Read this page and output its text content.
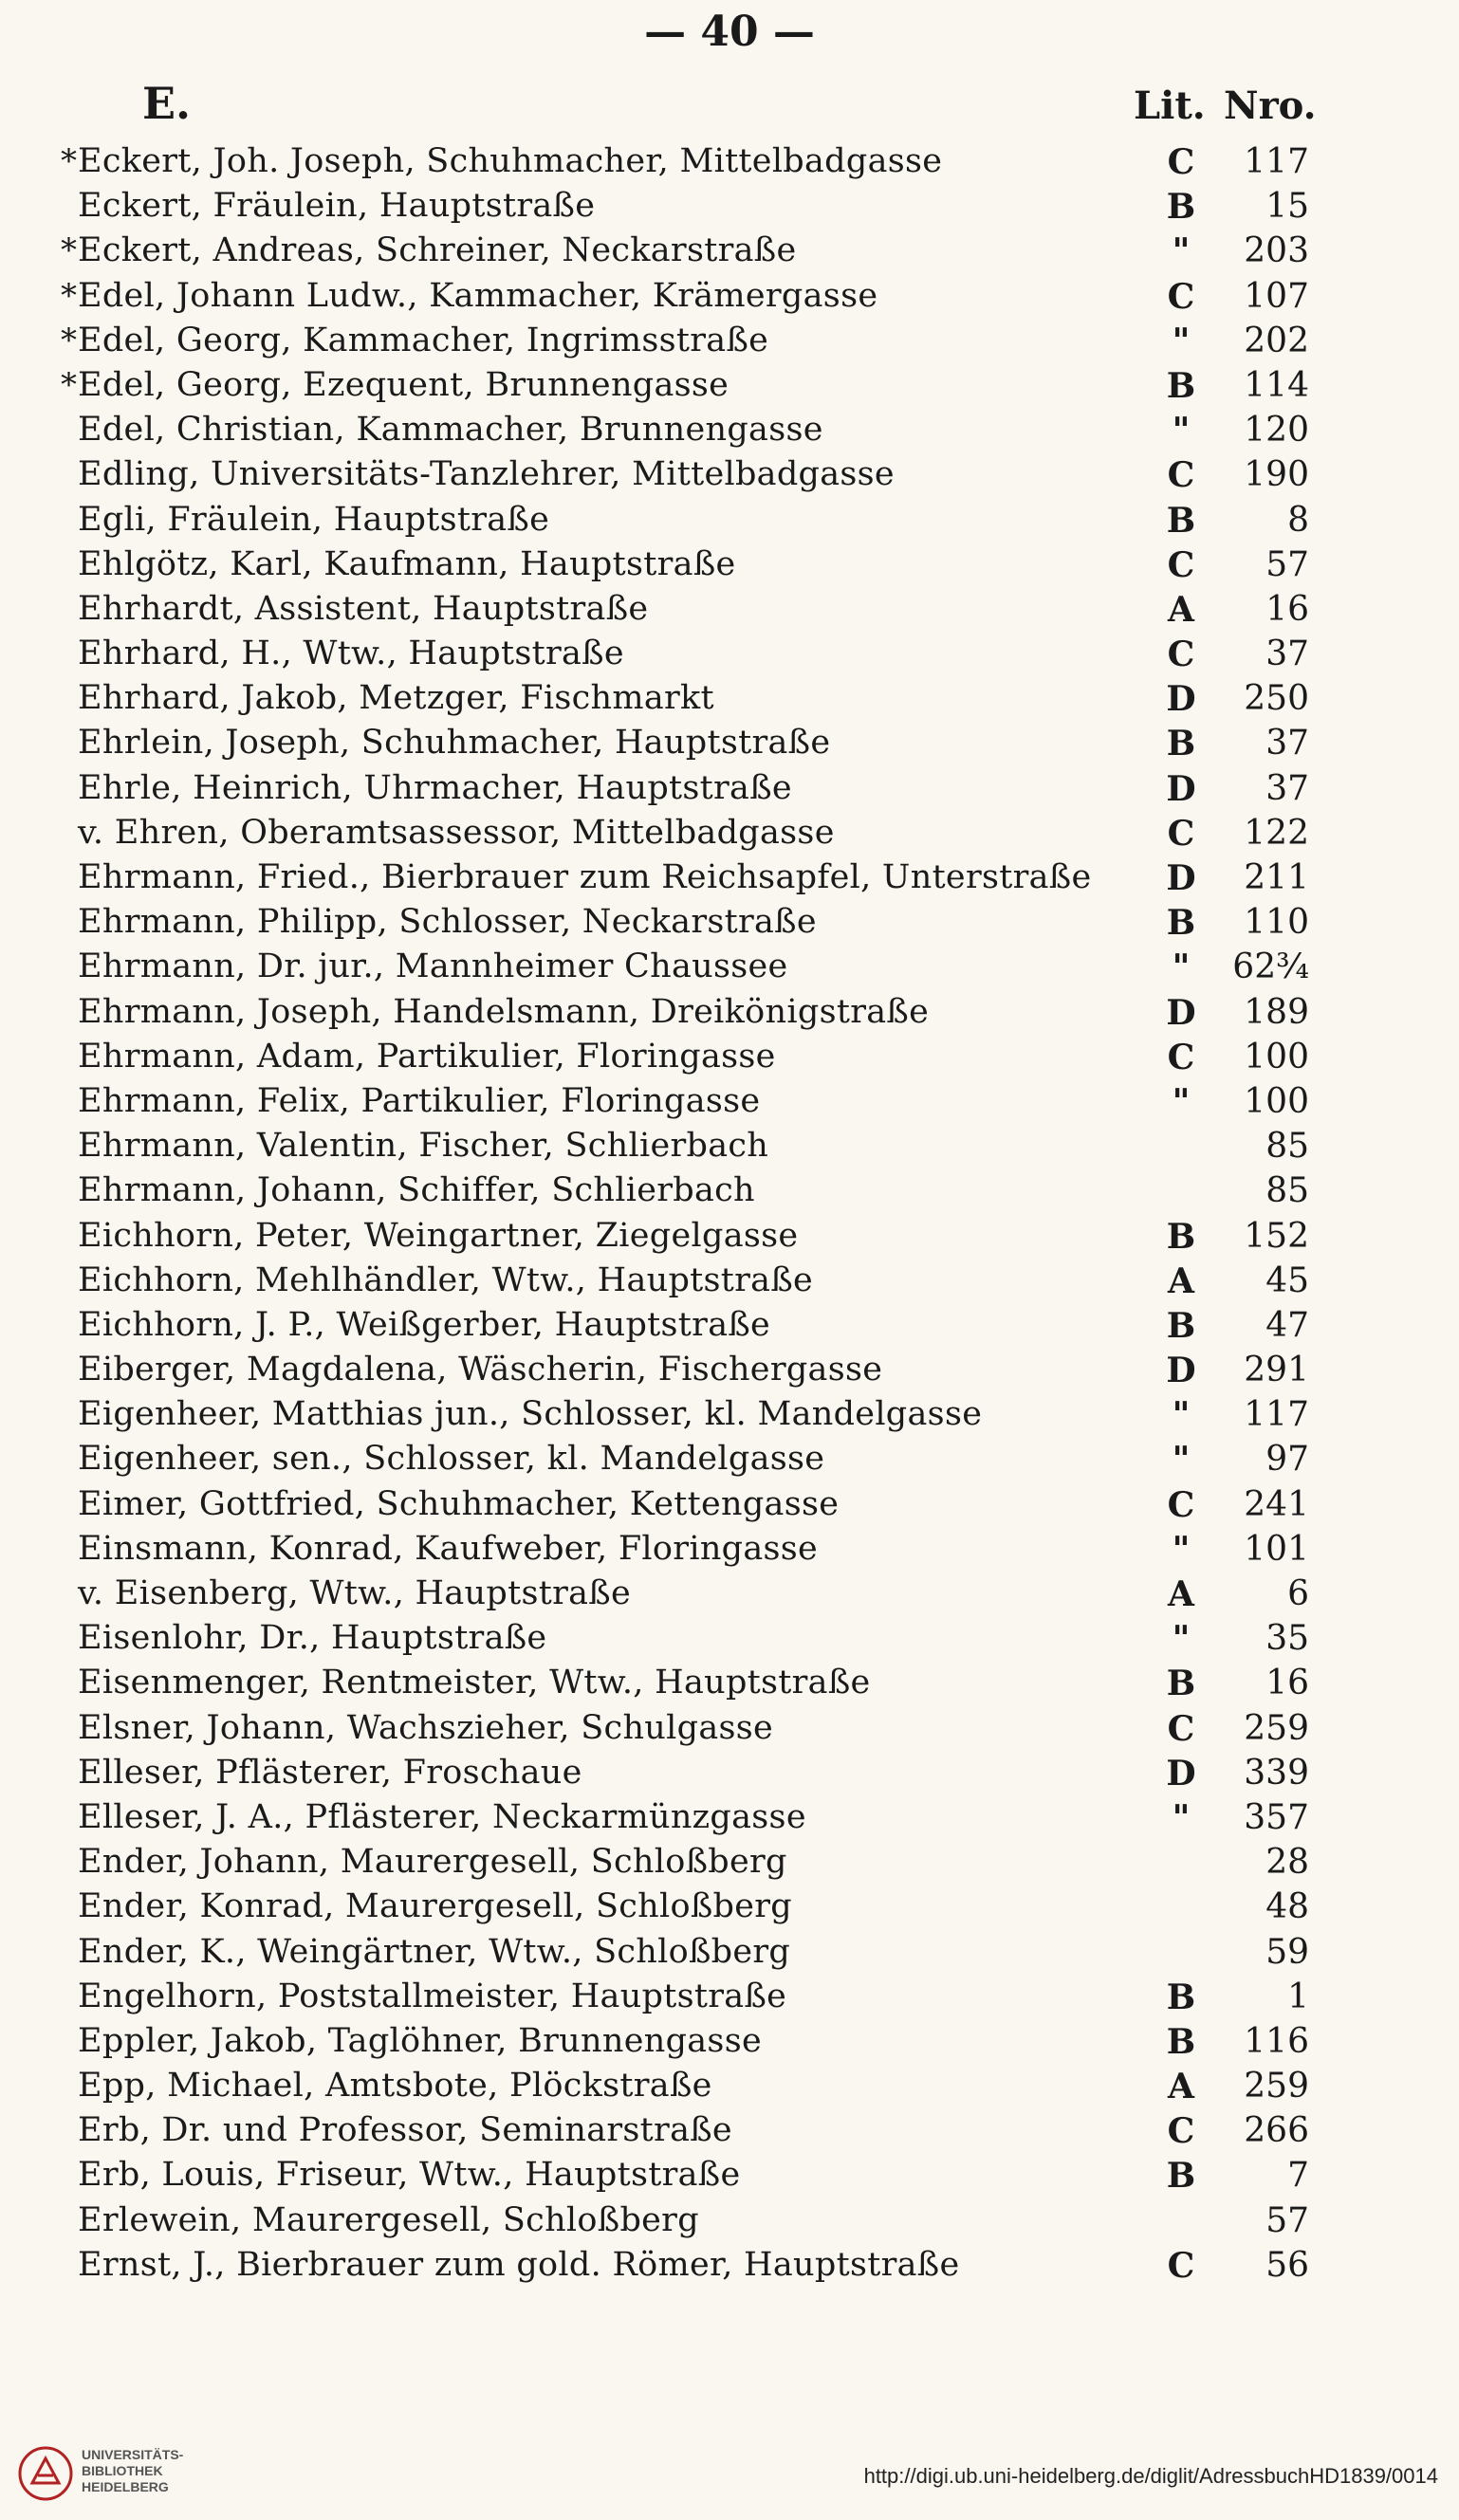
— 40 —
E.	Lit. Nro.
* Eckert, Joh. Joseph, Schuhmacher, Mittelbadgasse	C	117
Eckert, Fräulein, Hauptstraße	B	15
* Eckert, Andreas, Schreiner, Neckarstraße	"	203
* Edel, Johann Ludw., Kammacher, Krämergasse	C	107
* Edel, Georg, Kammacher, Ingrimsstraße	"	202
* Edel, Georg, Ezequent, Brunnengasse	B	114
Edel, Christian, Kammacher, Brunnengasse	"	120
Edling, Universitäts-Tanzlehrer, Mittelbadgasse	C	190
Egli, Fräulein, Hauptstraße	B	8
Ehlgötz, Karl, Kaufmann, Hauptstraße	C	57
Ehrhardt, Assistent, Hauptstraße	A	16
Ehrhard, H., Wtw., Hauptstraße	C	37
Ehrhard, Jakob, Metzger, Fischmarkt	D	250
Ehrlein, Joseph, Schuhmacher, Hauptstraße	B	37
Ehrle, Heinrich, Uhrmacher, Hauptstraße	D	37
v. Ehren, Oberamtsassessor, Mittelbadgasse	C	122
Ehrmann, Fried., Bierbrauer zum Reichsapfel, Unterstraße	D	211
Ehrmann, Philipp, Schlosser, Neckarstraße	B	110
Ehrmann, Dr. jur., Mannheimer Chaussee	"	62¾
Ehrmann, Joseph, Handelsmann, Dreikönigstraße	D	189
Ehrmann, Adam, Partikulier, Floringasse	C	100
Ehrmann, Felix, Partikulier, Floringasse	"	100
Ehrmann, Valentin, Fischer, Schlierbach	85
Ehrmann, Johann, Schiffer, Schlierbach	85
Eichhorn, Peter, Weingartner, Ziegelgasse	B	152
Eichhorn, Mehlhändler, Wtw., Hauptstraße	A	45
Eichhorn, J. P., Weißgerber, Hauptstraße	B	47
Eiberger, Magdalena, Wäscherin, Fischergasse	D	291
Eigenheer, Matthias jun., Schlosser, kl. Mandelgasse	"	117
Eigenheer, sen., Schlosser, kl. Mandelgasse	"	97
Eimer, Gottfried, Schuhmacher, Kettengasse	C	241
Einsmann, Konrad, Kaufweber, Floringasse	"	101
v. Eisenberg, Wtw., Hauptstraße	A	6
Eisenlohr, Dr., Hauptstraße	"	35
Eisenmenger, Rentmeister, Wtw., Hauptstraße	B	16
Elsner, Johann, Wachszieher, Schulgasse	C	259
Elleser, Pflästerer, Froschaue	D	339
Elleser, J. A., Pflästerer, Neckarmünzgasse	"	357
Ender, Johann, Maurergesell, Schloßberg	28
Ender, Konrad, Maurergesell, Schloßberg	48
Ender, K., Weingärtner, Wtw., Schloßberg	59
Engelhorn, Poststallmeister, Hauptstraße	B	1
Eppler, Jakob, Taglöhner, Brunnengasse	B	116
Epp, Michael, Amtsbote, Plöckstraße	A	259
Erb, Dr. und Professor, Seminarstraße	C	266
Erb, Louis, Friseur, Wtw., Hauptstraße	B	7
Erlewein, Maurergesell, Schloßberg	57
Ernst, J., Bierbrauer zum gold. Römer, Hauptstraße	C	56
UNIVERSITÄTS-
BIBLIOTHEK
HEIDELBERG	http://digi.ub.uni-heidelberg.de/diglit/AdressbuchHD1839/0014
